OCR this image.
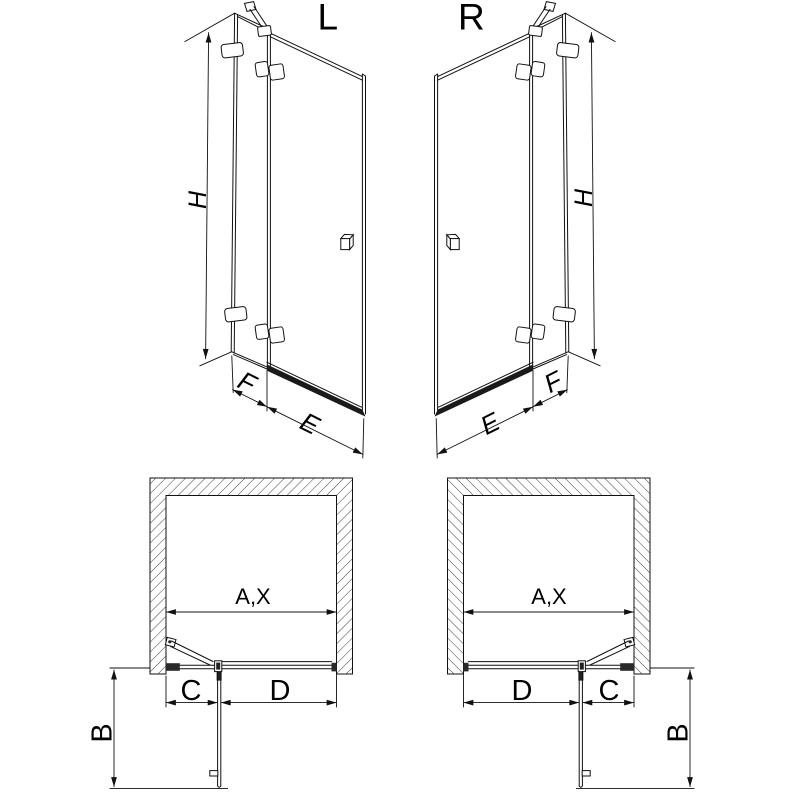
L	R
H	H
F
E
F
E
A,X	A,X
C D	D C
B	B
